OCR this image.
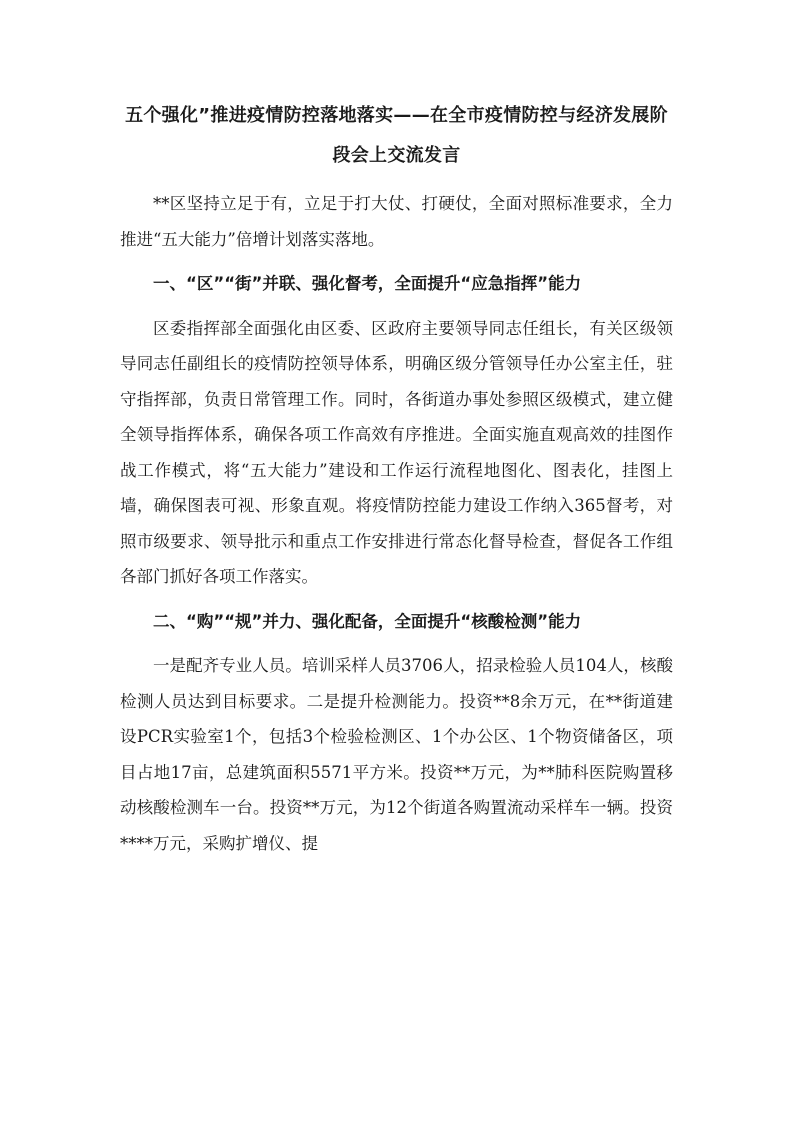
五个强化”推进疫情防控落地落实——在全市疫情防控与经济发展阶段会上交流发言

**区坚持立足于有，立足于打大仗、打硬仗，全面对照标准要求，全力推进“五大能力”倍增计划落实落地。

一、“区”“街”并联、强化督考，全面提升“应急指挥”能力

区委指挥部全面强化由区委、区政府主要领导同志任组长，有关区级领导同志任副组长的疫情防控领导体系，明确区级分管领导任办公室主任，驻守指挥部，负责日常管理工作。同时，各街道办事处参照区级模式，建立健全领导指挥体系，确保各项工作高效有序推进。全面实施直观高效的挂图作战工作模式，将“五大能力”建设和工作运行流程地图化、图表化，挂图上墙，确保图表可视、形象直观。将疫情防控能力建设工作纳入365督考，对照市级要求、领导批示和重点工作安排进行常态化督导检查，督促各工作组各部门抓好各项工作落实。

二、“购”“规”并力、强化配备，全面提升“核酸检测”能力

一是配齐专业人员。培训采样人员3706人，招录检验人员104人，核酸检测人员达到目标要求。二是提升检测能力。投资**8余万元，在**街道建设PCR实验室1个，包括3个检验检测区、1个办公区、1个物资储备区，项目占地17亩，总建筑面积5571平方米。投资**万元，为**肺科医院购置移动核酸检测车一台。投资**万元，为12个街道各购置流动采样车一辆。投资****万元，采购扩增仪、提
